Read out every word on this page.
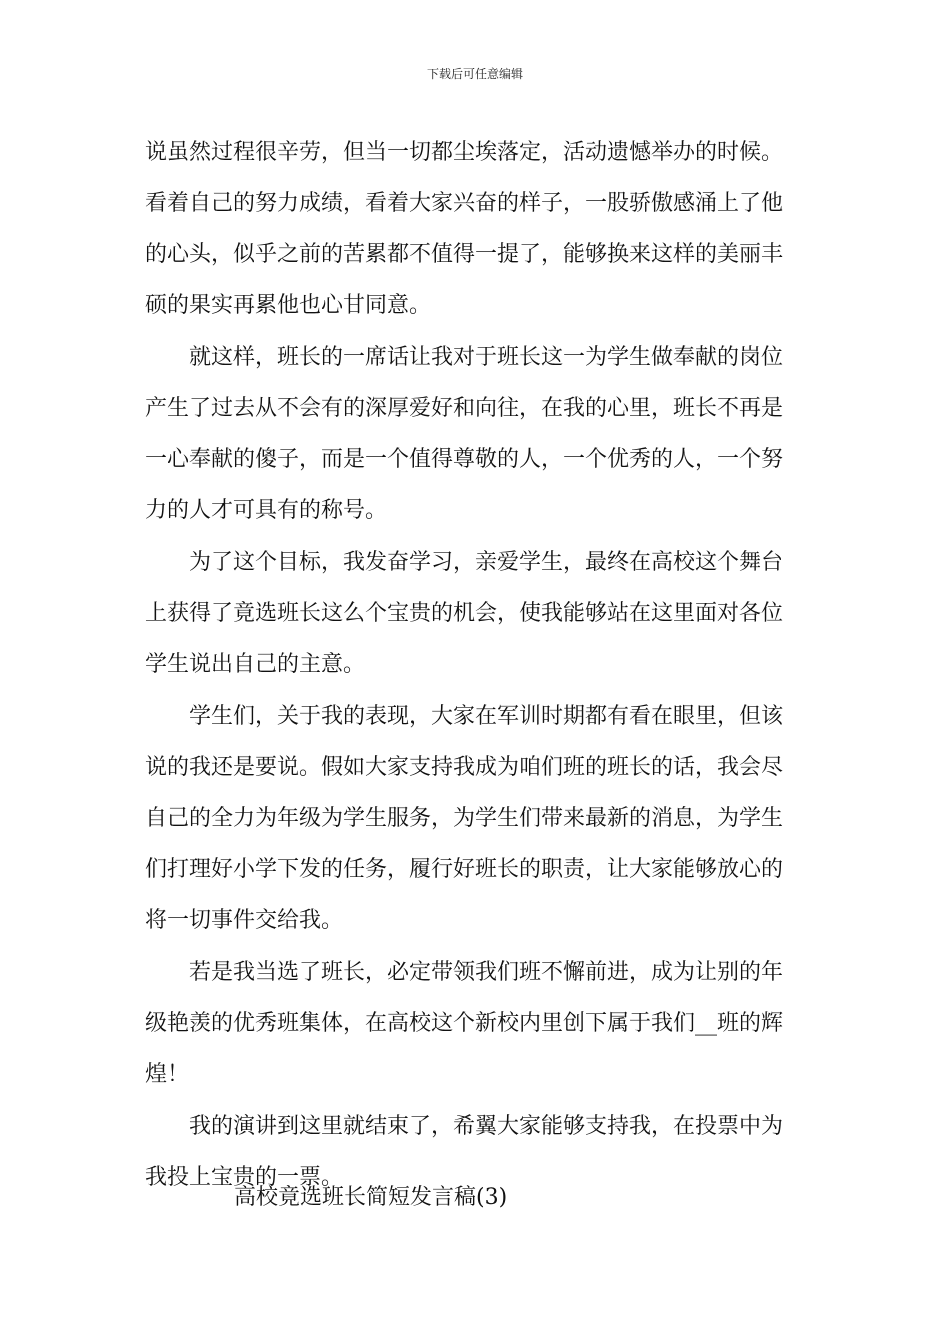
下载后可任意编辑
说虽然过程很辛劳，但当一切都尘埃落定，活动遗憾举办的时候。
看着自己的努力成绩，看着大家兴奋的样子，一股骄傲感涌上了他
的心头，似乎之前的苦累都不值得一提了，能够换来这样的美丽丰
硕的果实再累他也心甘同意。
就这样，班长的一席话让我对于班长这一为学生做奉献的岗位
产生了过去从不会有的深厚爱好和向往，在我的心里，班长不再是
一心奉献的傻子，而是一个值得尊敬的人，一个优秀的人，一个努
力的人才可具有的称号。
为了这个目标，我发奋学习，亲爱学生，最终在高校这个舞台
上获得了竟选班长这么个宝贵的机会，使我能够站在这里面对各位
学生说出自己的主意。
学生们，关于我的表现，大家在军训时期都有看在眼里，但该
说的我还是要说。假如大家支持我成为咱们班的班长的话，我会尽
自己的全力为年级为学生服务，为学生们带来最新的消息，为学生
们打理好小学下发的任务，履行好班长的职责，让大家能够放心的
将一切事件交给我。
若是我当选了班长，必定带领我们班不懈前进，成为让别的年
级艳羡的优秀班集体，在高校这个新校内里创下属于我们__班的辉
煌！
我的演讲到这里就结束了，希翼大家能够支持我，在投票中为
我投上宝贵的一票。
高校竟选班长简短发言稿(3)
